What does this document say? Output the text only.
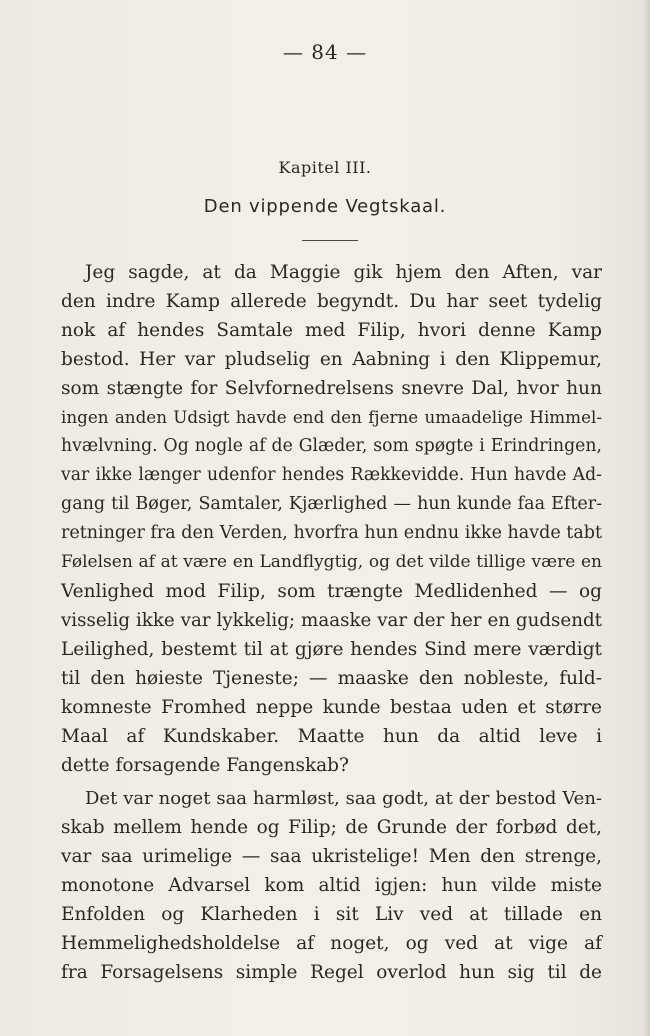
— 84 —
Kapitel III.
Den vippende Vegtskaal.
Jeg sagde, at da Maggie gik hjem den Aften, var
den indre Kamp allerede begyndt. Du har seet tydelig
nok af hendes Samtale med Filip, hvori denne Kamp
bestod. Her var pludselig en Aabning i den Klippemur,
som stængte for Selvfornedrelsens snevre Dal, hvor hun
ingen anden Udsigt havde end den fjerne umaadelige Himmel-
hvælvning. Og nogle af de Glæder, som spøgte i Erindringen,
var ikke længer udenfor hendes Rækkevidde. Hun havde Ad-
gang til Bøger, Samtaler, Kjærlighed — hun kunde faa Efter-
retninger fra den Verden, hvorfra hun endnu ikke havde tabt
Følelsen af at være en Landflygtig, og det vilde tillige være en
Venlighed mod Filip, som trængte Medlidenhed — og
visselig ikke var lykkelig; maaske var der her en gudsendt
Leilighed, bestemt til at gjøre hendes Sind mere værdigt
til den høieste Tjeneste; — maaske den nobleste, fuld-
komneste Fromhed neppe kunde bestaa uden et større
Maal af Kundskaber. Maatte hun da altid leve i
dette forsagende Fangenskab?
Det var noget saa harmløst, saa godt, at der bestod Ven-
skab mellem hende og Filip; de Grunde der forbød det,
var saa urimelige — saa ukristelige! Men den strenge,
monotone Advarsel kom altid igjen: hun vilde miste
Enfolden og Klarheden i sit Liv ved at tillade en
Hemmelighedsholdelse af noget, og ved at vige af
fra Forsagelsens simple Regel overlod hun sig til de
